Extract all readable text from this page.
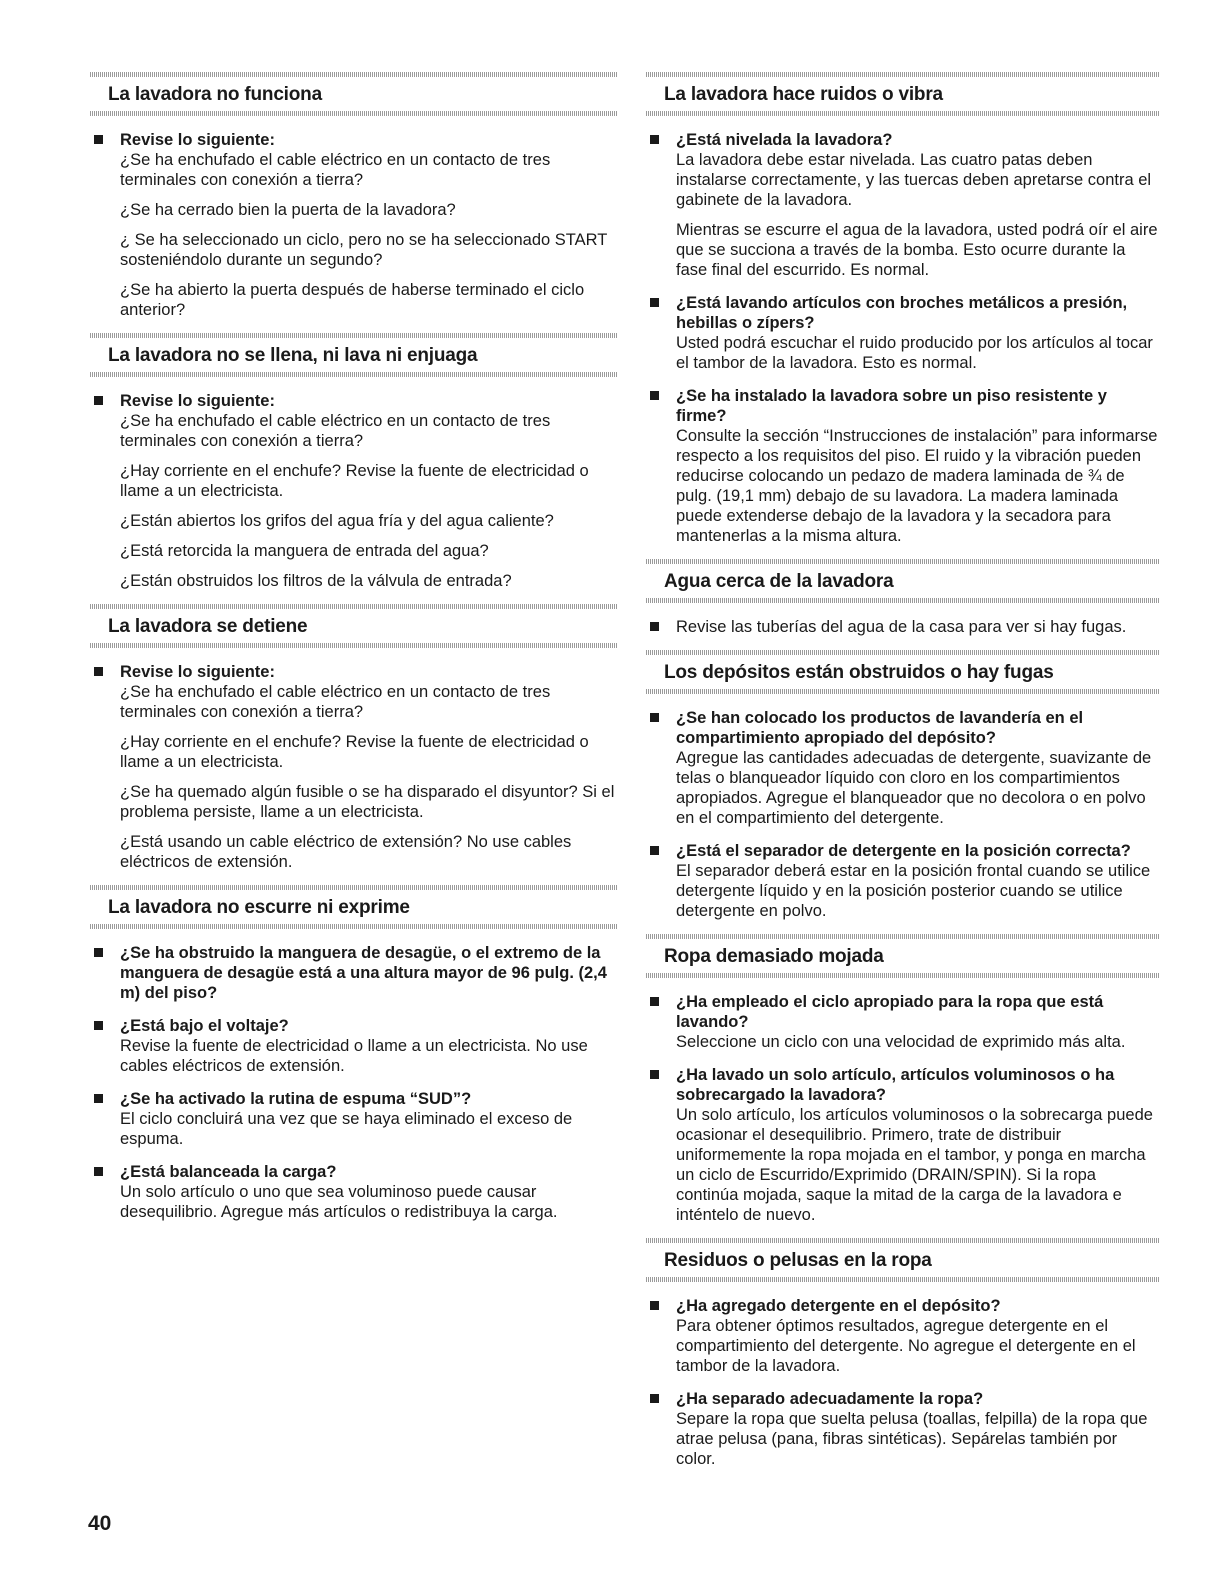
La lavadora no funciona
Revise lo siguiente:

¿Se ha enchufado el cable eléctrico en un contacto de tres terminales con conexión a tierra?

¿Se ha cerrado bien la puerta de la lavadora?

¿ Se ha seleccionado un ciclo, pero no se ha seleccionado START sosteniéndolo durante un segundo?

¿Se ha abierto la puerta después de haberse terminado el ciclo anterior?

La lavadora no se llena, ni lava ni enjuaga
Revise lo siguiente:

¿Se ha enchufado el cable eléctrico en un contacto de tres terminales con conexión a tierra?

¿Hay corriente en el enchufe? Revise la fuente de electricidad o llame a un electricista.

¿Están abiertos los grifos del agua fría y del agua caliente?

¿Está retorcida la manguera de entrada del agua?

¿Están obstruidos los filtros de la válvula de entrada?

La lavadora se detiene
Revise lo siguiente:

¿Se ha enchufado el cable eléctrico en un contacto de tres terminales con conexión a tierra?

¿Hay corriente en el enchufe? Revise la fuente de electricidad o llame a un electricista.

¿Se ha quemado algún fusible o se ha disparado el disyuntor? Si el problema persiste, llame a un electricista.

¿Está usando un cable eléctrico de extensión? No use cables eléctricos de extensión.

La lavadora no escurre ni exprime
¿Se ha obstruido la manguera de desagüe, o el extremo de la manguera de desagüe está a una altura mayor de 96 pulg. (2,4 m) del piso?
¿Está bajo el voltaje?

Revise la fuente de electricidad o llame a un electricista. No use cables eléctricos de extensión.

¿Se ha activado la rutina de espuma “SUD”?

El ciclo concluirá una vez que se haya eliminado el exceso de espuma.

¿Está balanceada la carga?

Un solo artículo o uno que sea voluminoso puede causar desequilibrio. Agregue más artículos o redistribuya la carga.

La lavadora hace ruidos o vibra
¿Está nivelada la lavadora?

La lavadora debe estar nivelada. Las cuatro patas deben instalarse correctamente, y las tuercas deben apretarse contra el gabinete de la lavadora.

Mientras se escurre el agua de la lavadora, usted podrá oír el aire que se succiona a través de la bomba. Esto ocurre durante la fase final del escurrido. Es normal.

¿Está lavando artículos con broches metálicos a presión, hebillas o zípers?

Usted podrá escuchar el ruido producido por los artículos al tocar el tambor de la lavadora. Esto es normal.

¿Se ha instalado la lavadora sobre un piso resistente y firme?

Consulte la sección “Instrucciones de instalación” para informarse respecto a los requisitos del piso. El ruido y la vibración pueden reducirse colocando un pedazo de madera laminada de ¾ de pulg. (19,1 mm) debajo de su lavadora. La madera laminada puede extenderse debajo de la lavadora y la secadora para mantenerlas a la misma altura.

Agua cerca de la lavadora

Revise las tuberías del agua de la casa para ver si hay fugas.

Los depósitos están obstruidos o hay fugas
¿Se han colocado los productos de lavandería en el compartimiento apropiado del depósito?

Agregue las cantidades adecuadas de detergente, suavizante de telas o blanqueador líquido con cloro en los compartimientos apropiados. Agregue el blanqueador que no decolora o en polvo en el compartimiento del detergente.

¿Está el separador de detergente en la posición correcta?

El separador deberá estar en la posición frontal cuando se utilice detergente líquido y en la posición posterior cuando se utilice detergente en polvo.

Ropa demasiado mojada
¿Ha empleado el ciclo apropiado para la ropa que está lavando?

Seleccione un ciclo con una velocidad de exprimido más alta.

¿Ha lavado un solo artículo, artículos voluminosos o ha sobrecargado la lavadora?

Un solo artículo, los artículos voluminosos o la sobrecarga puede ocasionar el desequilibrio. Primero, trate de distribuir uniformemente la ropa mojada en el tambor, y ponga en marcha un ciclo de Escurrido/Exprimido (DRAIN/SPIN). Si la ropa continúa mojada, saque la mitad de la carga de la lavadora e inténtelo de nuevo.

Residuos o pelusas en la ropa
¿Ha agregado detergente en el depósito?

Para obtener óptimos resultados, agregue detergente en el compartimiento del detergente. No agregue el detergente en el tambor de la lavadora.

¿Ha separado adecuadamente la ropa?

Separe la ropa que suelta pelusa (toallas, felpilla) de la ropa que atrae pelusa (pana, fibras sintéticas). Sepárelas también por color.

40
